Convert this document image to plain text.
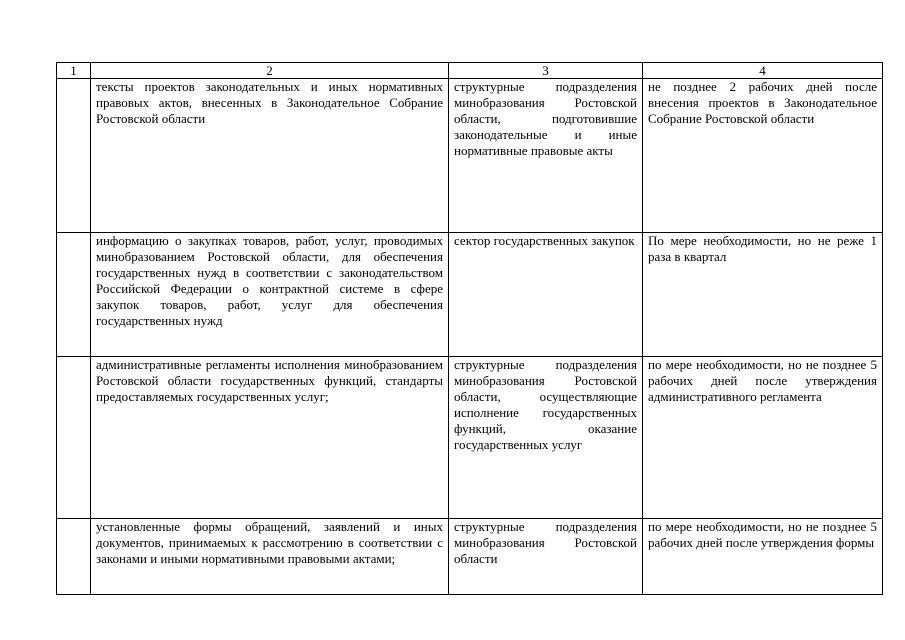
1	2	3	4
	тексты проектов законодательных и иных нормативных правовых актов, внесенных в Законодательное Собрание Ростовской области	структурные подразделения минобразования Ростовской области, подготовившие законодательные и иные нормативные правовые акты	не позднее 2 рабочих дней после внесения проектов в Законодательное Собрание Ростовской области
	информацию о закупках товаров, работ, услуг, проводимых минобразованием Ростовской области, для обеспечения государственных нужд в соответствии с законодательством Российской Федерации о контрактной системе в сфере закупок товаров, работ, услуг для обеспечения государственных нужд	сектор государственных закупок	По мере необходимости, но не реже 1 раза в квартал
	административные регламенты исполнения минобразованием Ростовской области государственных функций, стандарты предоставляемых государственных услуг;	структурные подразделения минобразования Ростовской области, осуществляющие исполнение государственных функций, оказание государственных услуг	по мере необходимости, но не позднее 5 рабочих дней после утверждения административного регламента
	установленные формы обращений, заявлений и иных документов, принимаемых к рассмотрению в соответствии с законами и иными нормативными правовыми актами;	структурные подразделения минобразования Ростовской области	по мере необходимости, но не позднее 5 рабочих дней после утверждения формы
